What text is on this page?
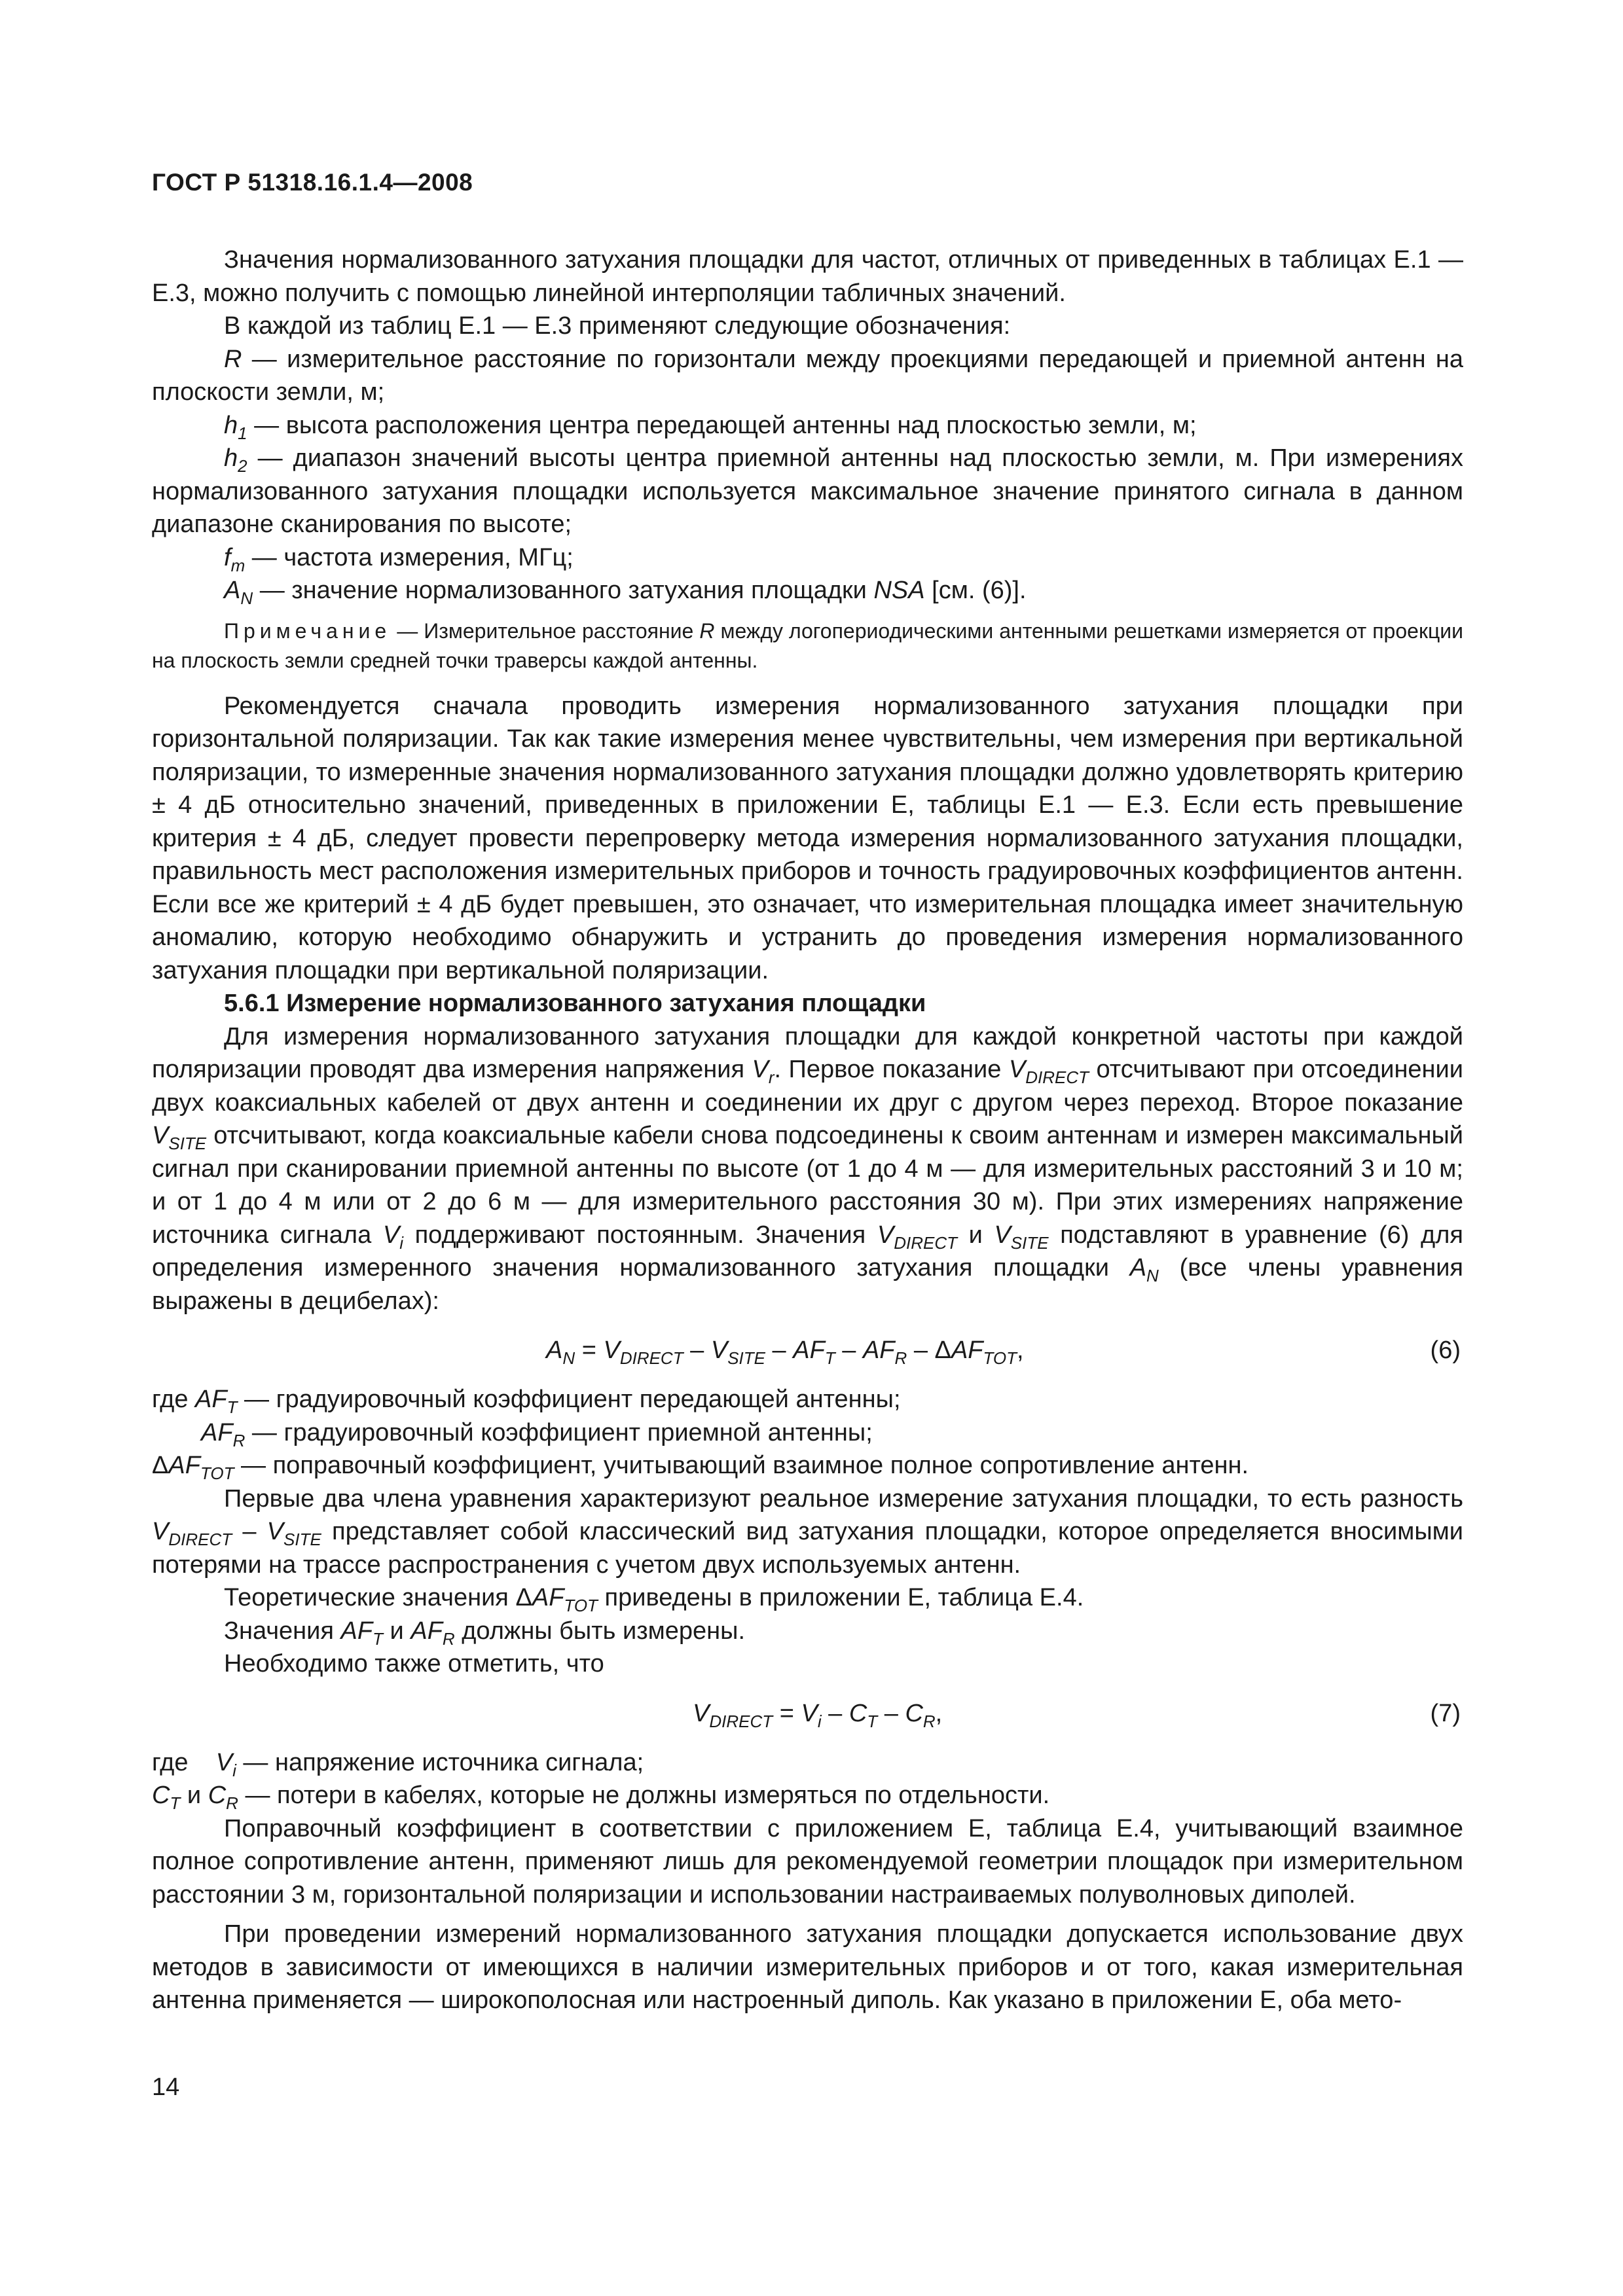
ГОСТ Р 51318.16.1.4—2008

Значения нормализованного затухания площадки для частот, отличных от приведенных в таблицах Е.1 — Е.3, можно получить с помощью линейной интерполяции табличных значений.

В каждой из таблиц Е.1 — Е.3 применяют следующие обозначения:

R — измерительное расстояние по горизонтали между проекциями передающей и приемной антенн на плоскости земли, м;

$h_1$ — высота расположения центра передающей антенны над плоскостью земли, м;

$h_2$ — диапазон значений высоты центра приемной антенны над плоскостью земли, м. При измерениях нормализованного затухания площадки используется максимальное значение принятого сигнала в данном диапазоне сканирования по высоте;

$f_m$ — частота измерения, МГц;

$A_N$ — значение нормализованного затухания площадки NSA [см. (6)].

Примечание — Измерительное расстояние R между логопериодическими антенными решетками измеряется от проекции на плоскость земли средней точки траверсы каждой антенны.

Рекомендуется сначала проводить измерения нормализованного затухания площадки при горизонтальной поляризации. Так как такие измерения менее чувствительны, чем измерения при вертикальной поляризации, то измеренные значения нормализованного затухания площадки должно удовлетворять критерию ± 4 дБ относительно значений, приведенных в приложении Е, таблицы Е.1 — Е.3. Если есть превышение критерия ± 4 дБ, следует провести перепроверку метода измерения нормализованного затухания площадки, правильность мест расположения измерительных приборов и точность градуировочных коэффициентов антенн. Если все же критерий ± 4 дБ будет превышен, это означает, что измерительная площадка имеет значительную аномалию, которую необходимо обнаружить и устранить до проведения измерения нормализованного затухания площадки при вертикальной поляризации.

5.6.1 Измерение нормализованного затухания площадки

Для измерения нормализованного затухания площадки для каждой конкретной частоты при каждой поляризации проводят два измерения напряжения $V_r$. Первое показание $V_{DIRECT}$ отсчитывают при отсоединении двух коаксиальных кабелей от двух антенн и соединении их друг с другом через переход. Второе показание $V_{SITE}$ отсчитывают, когда коаксиальные кабели снова подсоединены к своим антеннам и измерен максимальный сигнал при сканировании приемной антенны по высоте (от 1 до 4 м — для измерительных расстояний 3 и 10 м; и от 1 до 4 м или от 2 до 6 м — для измерительного расстояния 30 м). При этих измерениях напряжение источника сигнала $V_i$ поддерживают постоянным. Значения $V_{DIRECT}$ и $V_{SITE}$ подставляют в уравнение (6) для определения измеренного значения нормализованного затухания площадки $A_N$ (все члены уравнения выражены в децибелах):

$A_N = V_{DIRECT} - V_{SITE} - AF_T - AF_R - \Delta AF_{TOT}$,	(6)

где $AF_T$ — градуировочный коэффициент передающей антенны;

$AF_R$ — градуировочный коэффициент приемной антенны;

$\Delta AF_{TOT}$ — поправочный коэффициент, учитывающий взаимное полное сопротивление антенн.

Первые два члена уравнения характеризуют реальное измерение затухания площадки, то есть разность $V_{DIRECT} - V_{SITE}$ представляет собой классический вид затухания площадки, которое определяется вносимыми потерями на трассе распространения с учетом двух используемых антенн.

Теоретические значения $\Delta AF_{TOT}$ приведены в приложении Е, таблица Е.4.

Значения $AF_T$ и $AF_R$ должны быть измерены.

Необходимо также отметить, что

$V_{DIRECT} = V_i - C_T - C_R$,	(7)

где $V_i$ — напряжение источника сигнала;

$C_T$ и $C_R$ — потери в кабелях, которые не должны измеряться по отдельности.

Поправочный коэффициент в соответствии с приложением Е, таблица Е.4, учитывающий взаимное полное сопротивление антенн, применяют лишь для рекомендуемой геометрии площадок при измерительном расстоянии 3 м, горизонтальной поляризации и использовании настраиваемых полуволновых диполей.

При проведении измерений нормализованного затухания площадки допускается использование двух методов в зависимости от имеющихся в наличии измерительных приборов и от того, какая измерительная антенна применяется — широкополосная или настроенный диполь. Как указано в приложении Е, оба мето-

14
